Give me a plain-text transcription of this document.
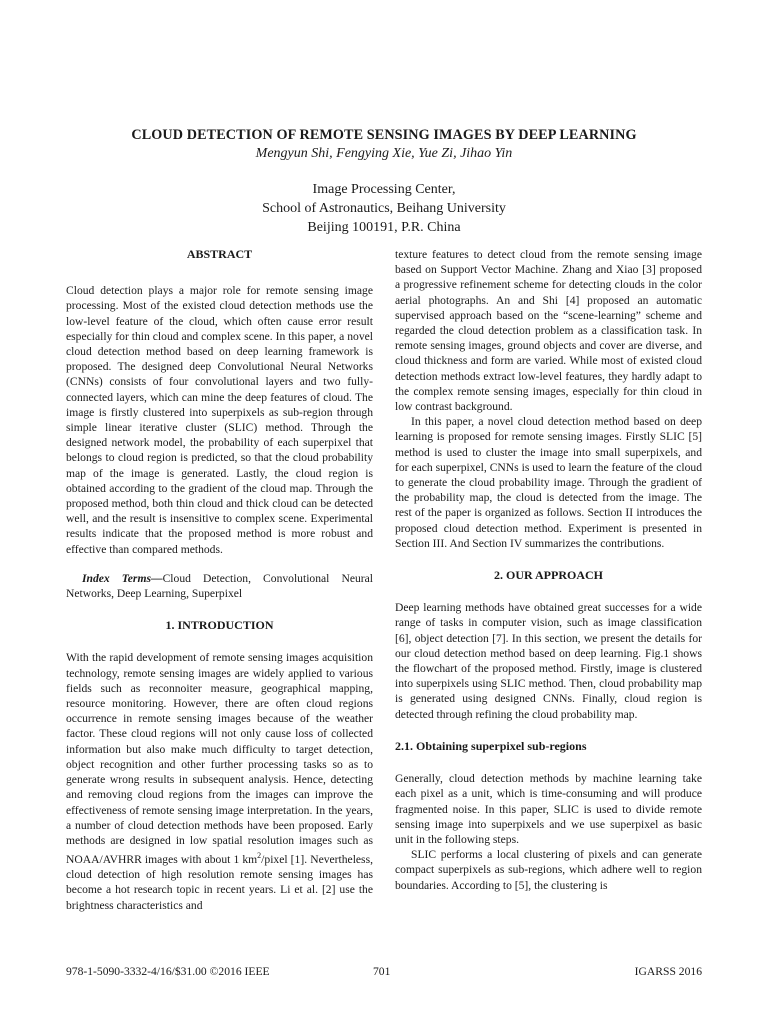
CLOUD DETECTION OF REMOTE SENSING IMAGES BY DEEP LEARNING
Mengyun Shi, Fengying Xie, Yue Zi, Jihao Yin
Image Processing Center,
School of Astronautics, Beihang University
Beijing 100191, P.R. China
ABSTRACT

Cloud detection plays a major role for remote sensing image processing. Most of the existed cloud detection methods use the low-level feature of the cloud, which often cause error result especially for thin cloud and complex scene. In this paper, a novel cloud detection method based on deep learning framework is proposed. The designed deep Convolutional Neural Networks (CNNs) consists of four convolutional layers and two fully-connected layers, which can mine the deep features of cloud. The image is firstly clustered into superpixels as sub-region through simple linear iterative cluster (SLIC) method. Through the designed network model, the probability of each superpixel that belongs to cloud region is predicted, so that the cloud probability map of the image is generated. Lastly, the cloud region is obtained according to the gradient of the cloud map. Through the proposed method, both thin cloud and thick cloud can be detected well, and the result is insensitive to complex scene. Experimental results indicate that the proposed method is more robust and effective than compared methods.

Index Terms—Cloud Detection, Convolutional Neural Networks, Deep Learning, Superpixel

1. INTRODUCTION

With the rapid development of remote sensing images acquisition technology, remote sensing images are widely applied to various fields such as reconnoiter measure, geographical mapping, resource monitoring. However, there are often cloud regions occurrence in remote sensing images because of the weather factor. These cloud regions will not only cause loss of collected information but also make much difficulty to target detection, object recognition and other further processing tasks so as to generate wrong results in subsequent analysis. Hence, detecting and removing cloud regions from the images can improve the effectiveness of remote sensing image interpretation. In the years, a number of cloud detection methods have been proposed. Early methods are designed in low spatial resolution images such as NOAA/AVHRR images with about 1 $km^2$/pixel [1]. Nevertheless, cloud detection of high resolution remote sensing images has become a hot research topic in recent years. Li et al. [2] use the brightness characteristics and

texture features to detect cloud from the remote sensing image based on Support Vector Machine. Zhang and Xiao [3] proposed a progressive refinement scheme for detecting clouds in the color aerial photographs. An and Shi [4] proposed an automatic supervised approach based on the “scene-learning” scheme and regarded the cloud detection problem as a classification task. In remote sensing images, ground objects and cover are diverse, and cloud thickness and form are varied. While most of existed cloud detection methods extract low-level features, they hardly adapt to the complex remote sensing images, especially for thin cloud in low contrast background.

In this paper, a novel cloud detection method based on deep learning is proposed for remote sensing images. Firstly SLIC [5] method is used to cluster the image into small superpixels, and for each superpixel, CNNs is used to learn the feature of the cloud to generate the cloud probability image. Through the gradient of the probability map, the cloud is detected from the image. The rest of the paper is organized as follows. Section II introduces the proposed cloud detection method. Experiment is presented in Section III. And Section IV summarizes the contributions.

2. OUR APPROACH

Deep learning methods have obtained great successes for a wide range of tasks in computer vision, such as image classification [6], object detection [7]. In this section, we present the details for our cloud detection method based on deep learning. Fig.1 shows the flowchart of the proposed method. Firstly, image is clustered into superpixels using SLIC method. Then, cloud probability map is generated using designed CNNs. Finally, cloud region is detected through refining the cloud probability map.

2.1. Obtaining superpixel sub-regions

Generally, cloud detection methods by machine learning take each pixel as a unit, which is time-consuming and will produce fragmented noise. In this paper, SLIC is used to divide remote sensing image into superpixels and we use superpixel as basic unit in the following steps.

SLIC performs a local clustering of pixels and can generate compact superpixels as sub-regions, which adhere well to region boundaries. According to [5], the clustering is

978-1-5090-3332-4/16/$31.00 ©2016 IEEE	701	IGARSS 2016
